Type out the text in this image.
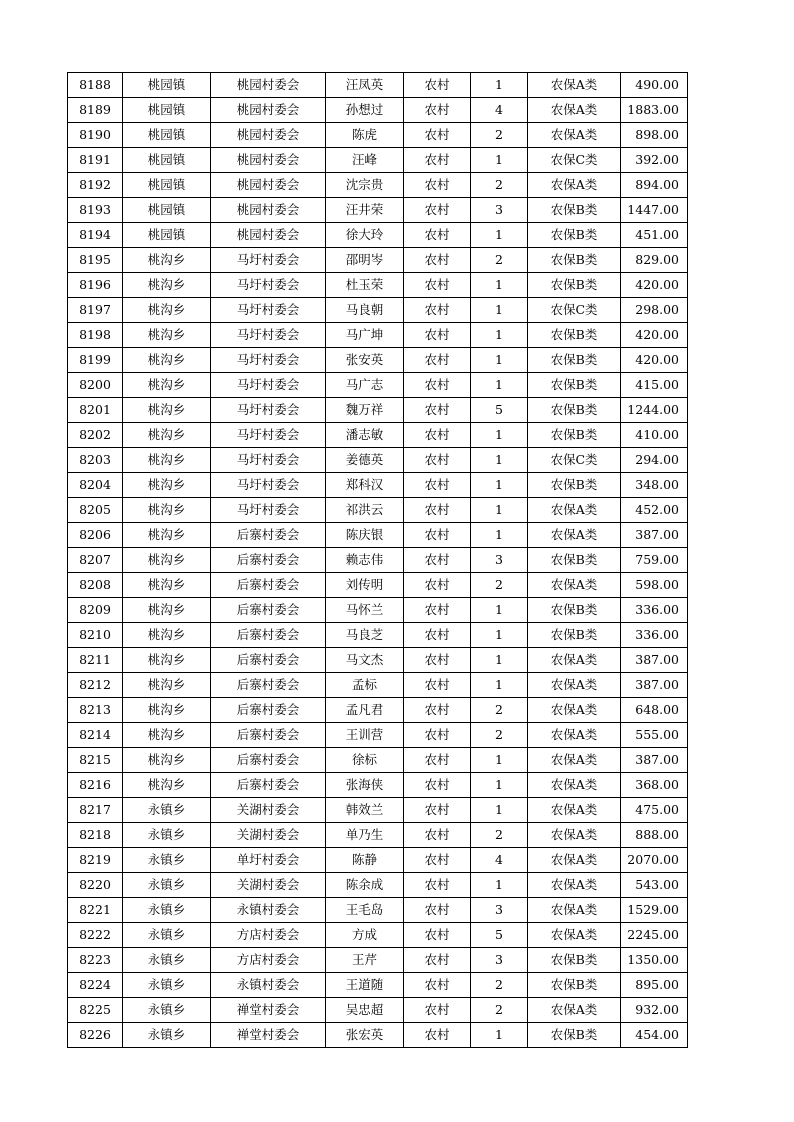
8188	桃园镇	桃园村委会	汪凤英	农村	1	农保A类	490.00
8189	桃园镇	桃园村委会	孙想过	农村	4	农保A类	1883.00
8190	桃园镇	桃园村委会	陈虎	农村	2	农保A类	898.00
8191	桃园镇	桃园村委会	汪峰	农村	1	农保C类	392.00
8192	桃园镇	桃园村委会	沈宗贵	农村	2	农保A类	894.00
8193	桃园镇	桃园村委会	汪井荣	农村	3	农保B类	1447.00
8194	桃园镇	桃园村委会	徐大玲	农村	1	农保B类	451.00
8195	桃沟乡	马圩村委会	邵明岑	农村	2	农保B类	829.00
8196	桃沟乡	马圩村委会	杜玉荣	农村	1	农保B类	420.00
8197	桃沟乡	马圩村委会	马良朝	农村	1	农保C类	298.00
8198	桃沟乡	马圩村委会	马广坤	农村	1	农保B类	420.00
8199	桃沟乡	马圩村委会	张安英	农村	1	农保B类	420.00
8200	桃沟乡	马圩村委会	马广志	农村	1	农保B类	415.00
8201	桃沟乡	马圩村委会	魏万祥	农村	5	农保B类	1244.00
8202	桃沟乡	马圩村委会	潘志敏	农村	1	农保B类	410.00
8203	桃沟乡	马圩村委会	姜德英	农村	1	农保C类	294.00
8204	桃沟乡	马圩村委会	郑科汉	农村	1	农保B类	348.00
8205	桃沟乡	马圩村委会	祁洪云	农村	1	农保A类	452.00
8206	桃沟乡	后寨村委会	陈庆银	农村	1	农保A类	387.00
8207	桃沟乡	后寨村委会	赖志伟	农村	3	农保B类	759.00
8208	桃沟乡	后寨村委会	刘传明	农村	2	农保A类	598.00
8209	桃沟乡	后寨村委会	马怀兰	农村	1	农保B类	336.00
8210	桃沟乡	后寨村委会	马良芝	农村	1	农保B类	336.00
8211	桃沟乡	后寨村委会	马文杰	农村	1	农保A类	387.00
8212	桃沟乡	后寨村委会	孟标	农村	1	农保A类	387.00
8213	桃沟乡	后寨村委会	孟凡君	农村	2	农保A类	648.00
8214	桃沟乡	后寨村委会	王训营	农村	2	农保A类	555.00
8215	桃沟乡	后寨村委会	徐标	农村	1	农保A类	387.00
8216	桃沟乡	后寨村委会	张海侠	农村	1	农保A类	368.00
8217	永镇乡	关湖村委会	韩效兰	农村	1	农保A类	475.00
8218	永镇乡	关湖村委会	单乃生	农村	2	农保A类	888.00
8219	永镇乡	单圩村委会	陈静	农村	4	农保A类	2070.00
8220	永镇乡	关湖村委会	陈余成	农村	1	农保A类	543.00
8221	永镇乡	永镇村委会	王毛岛	农村	3	农保A类	1529.00
8222	永镇乡	方店村委会	方成	农村	5	农保A类	2245.00
8223	永镇乡	方店村委会	王芹	农村	3	农保B类	1350.00
8224	永镇乡	永镇村委会	王道随	农村	2	农保B类	895.00
8225	永镇乡	禅堂村委会	吴忠超	农村	2	农保A类	932.00
8226	永镇乡	禅堂村委会	张宏英	农村	1	农保B类	454.00
